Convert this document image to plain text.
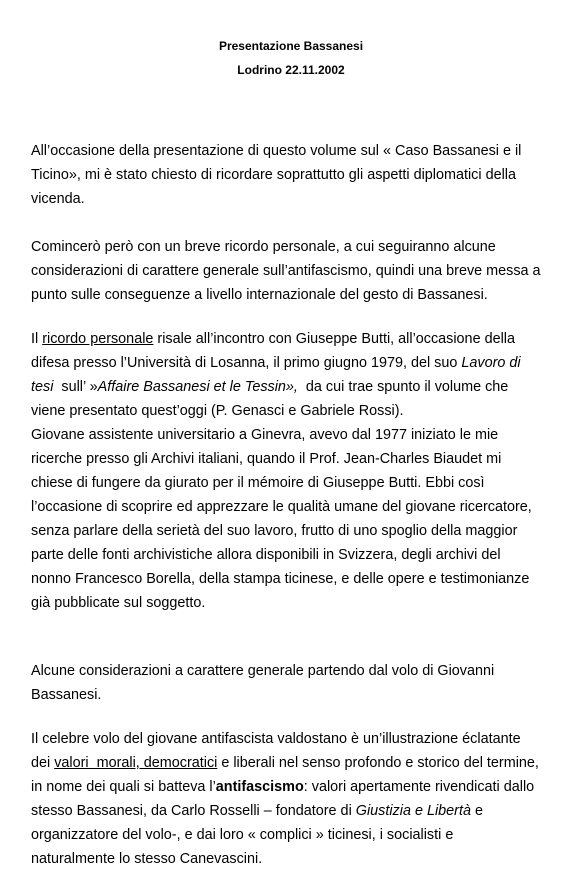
Presentazione Bassanesi
Lodrino 22.11.2002

All’occasione della presentazione di questo volume sul « Caso Bassanesi e il

Ticino», mi è stato chiesto di ricordare soprattutto gli aspetti diplomatici della

vicenda.

Comincerò però con un breve ricordo personale, a cui seguiranno alcune

considerazioni di carattere generale sull’antifascismo, quindi una breve messa a

punto sulle conseguenze a livello internazionale del gesto di Bassanesi.

Il ricordo personale risale all’incontro con Giuseppe Butti, all’occasione della

difesa presso l’Università di Losanna, il primo giugno 1979, del suo Lavoro di

tesi  sull’ »Affaire Bassanesi et le Tessin»,  da cui trae spunto il volume che

viene presentato quest’oggi (P. Genasci e Gabriele Rossi).

Giovane assistente universitario a Ginevra, avevo dal 1977 iniziato le mie

ricerche presso gli Archivi italiani, quando il Prof. Jean-Charles Biaudet mi

chiese di fungere da giurato per il mémoire di Giuseppe Butti. Ebbi così

l’occasione di scoprire ed apprezzare le qualità umane del giovane ricercatore,

senza parlare della serietà del suo lavoro, frutto di uno spoglio della maggior

parte delle fonti archivistiche allora disponibili in Svizzera, degli archivi del

nonno Francesco Borella, della stampa ticinese, e delle opere e testimonianze

già pubblicate sul soggetto.

Alcune considerazioni a carattere generale partendo dal volo di Giovanni

Bassanesi.

Il celebre volo del giovane antifascista valdostano è un’illustrazione éclatante

dei valori  morali, democratici e liberali nel senso profondo e storico del termine,

in nome dei quali si batteva l’antifascismo: valori apertamente rivendicati dallo

stesso Bassanesi, da Carlo Rosselli – fondatore di Giustizia e Libertà e

organizzatore del volo-, e dai loro « complici » ticinesi, i socialisti e

naturalmente lo stesso Canevascini.
